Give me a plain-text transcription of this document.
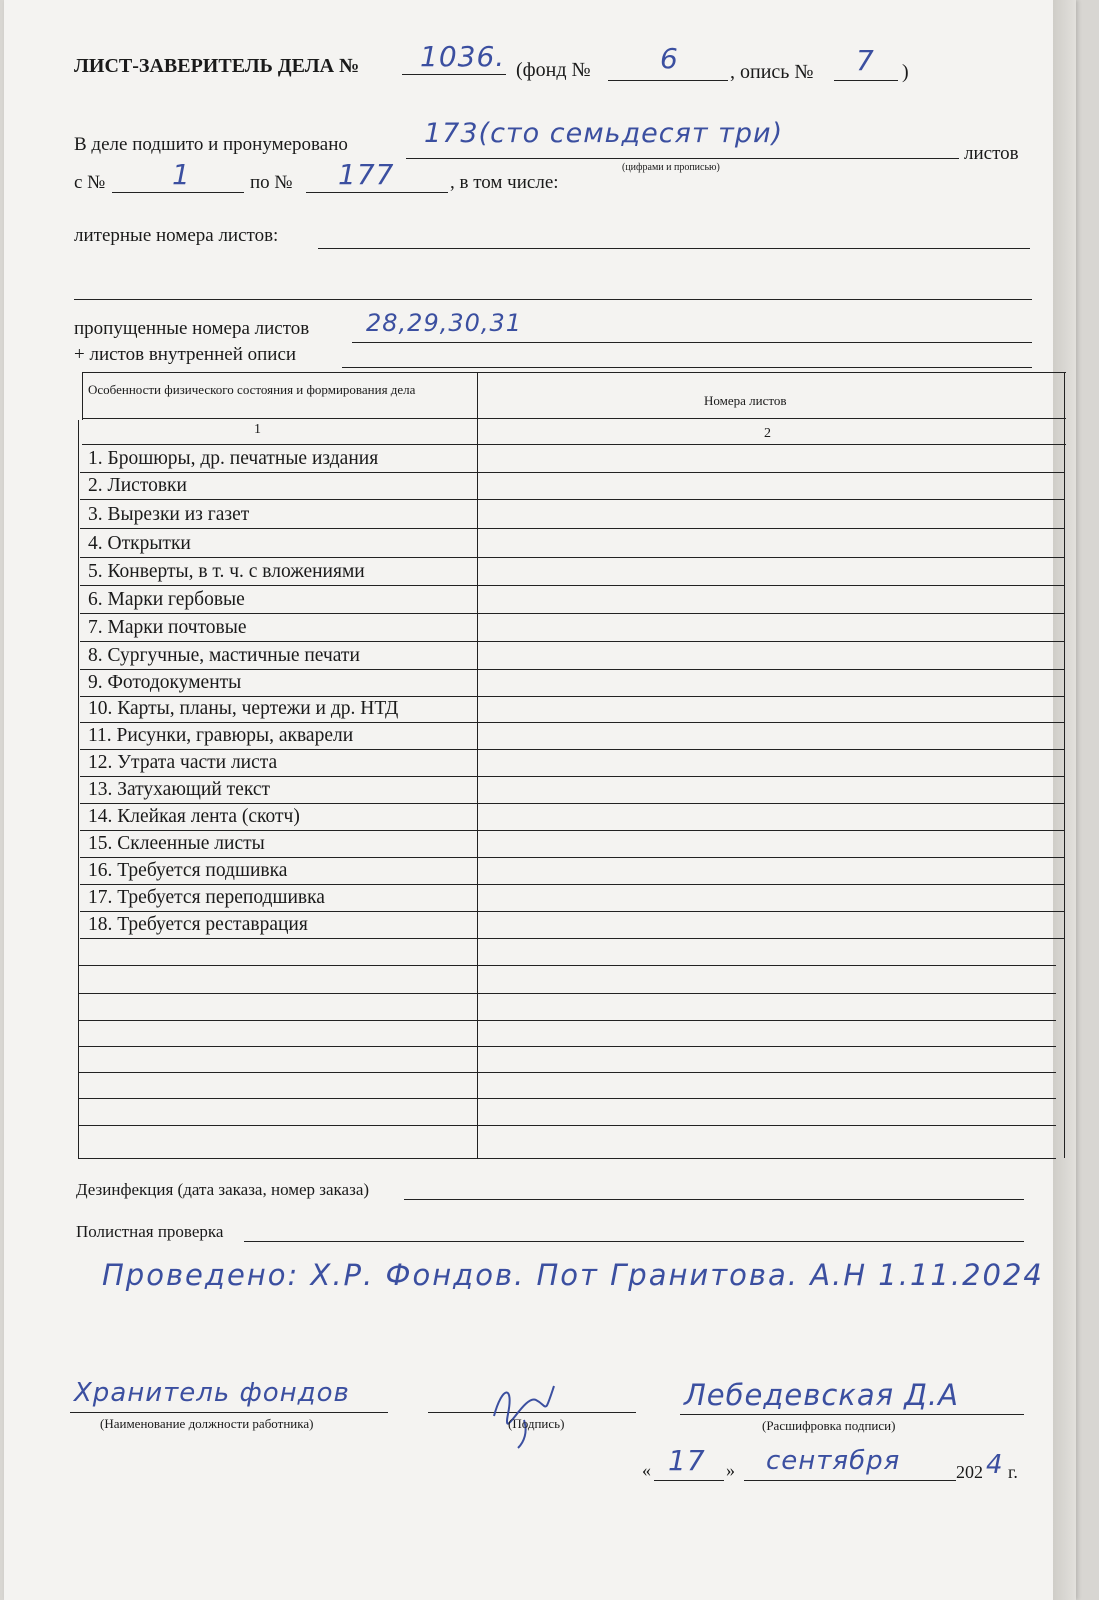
ЛИСТ-ЗАВЕРИТЕЛЬ ДЕЛА № 1036. (фонд № 6	, опись № 7 )
В деле подшито и пронумеровано	173(сто семьдесят три)
листов
(цифрами и прописью)
с № 1	по № 177	, в том числе:
литерные номера листов:
пропущенные номера листов 28,29,30,31
+ листов внутренней описи
Особенности физического состояния и формирования дела
Номера листов
1	2
1. Брошюры, др. печатные издания
2. Листовки
3. Вырезки из газет
4. Открытки
5. Конверты, в т. ч. с вложениями
6. Марки гербовые
7. Марки почтовые
8. Сургучные, мастичные печати
9. Фотодокументы
10. Карты, планы, чертежи и др. НТД
11. Рисунки, гравюры, акварели
12. Утрата части листа
13. Затухающий текст
14. Клейкая лента (скотч)
15. Склеенные листы
16. Требуется подшивка
17. Требуется переподшивка
18. Требуется реставрация
Дезинфекция (дата заказа, номер заказа)
Полистная проверка
Проведено: Х.Р. Фондов. Пот Гранитова. А.Н 1.11.2024
Хранитель фондов
(Наименование должности работника)	(Подпись)
Лебедевская Д.А
(Расшифровка подписи)
« 17 » сентября	202 4 г.
